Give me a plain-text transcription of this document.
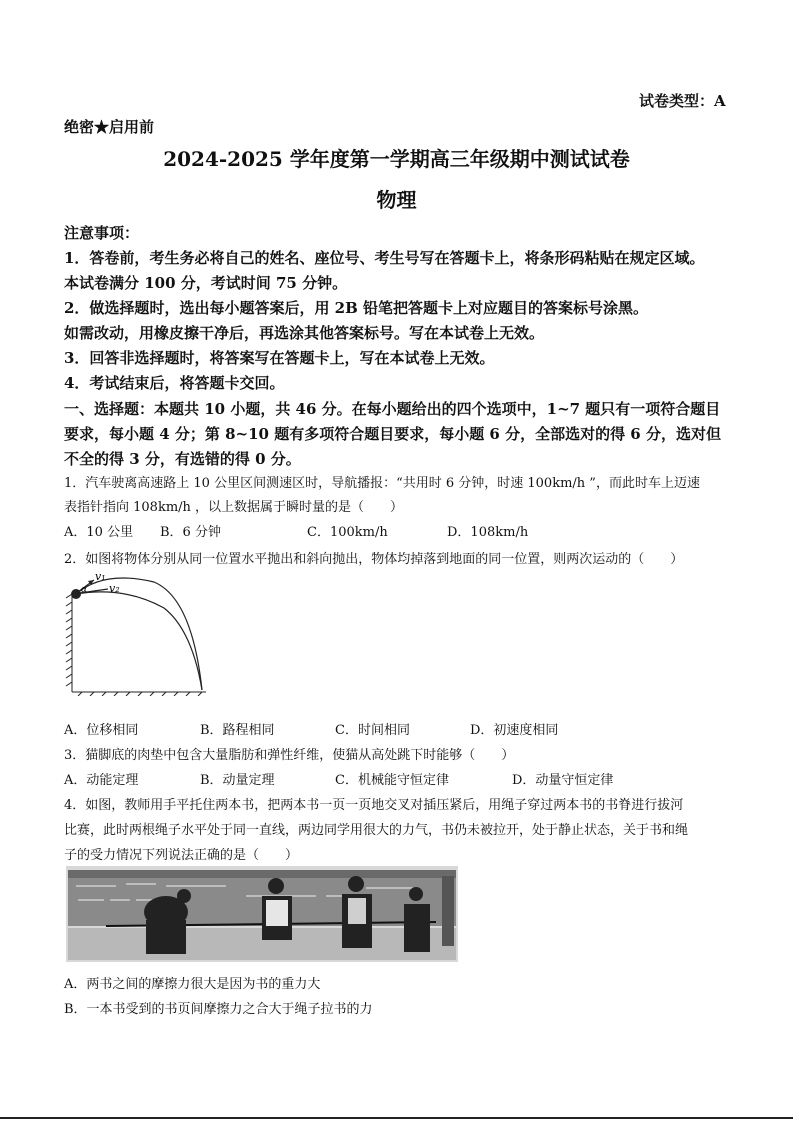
试卷类型：A
绝密★启用前
2024-2025 学年度第一学期高三年级期中测试试卷
物理
注意事项：
1．答卷前，考生务必将自己的姓名、座位号、考生号写在答题卡上，将条形码粘贴在规定区域。
本试卷满分 100 分，考试时间 75 分钟。
2．做选择题时，选出每小题答案后，用 2B 铅笔把答题卡上对应题目的答案标号涂黑。
如需改动，用橡皮擦干净后，再选涂其他答案标号。写在本试卷上无效。
3．回答非选择题时，将答案写在答题卡上，写在本试卷上无效。
4．考试结束后，将答题卡交回。
一、选择题：本题共 10 小题，共 46 分。在每小题给出的四个选项中，1~7 题只有一项符合题目
要求，每小题 4 分；第 8~10 题有多项符合题目要求，每小题 6 分，全部选对的得 6 分，选对但
不全的得 3 分，有选错的得 0 分。
1．汽车驶离高速路上 10 公里区间测速区时，导航播报：“共用时 6 分钟，时速 100km/h ”，而此时车上迈速
表指针指向 108km/h ，以上数据属于瞬时量的是（　　）
A．10 公里 B．6 分钟	C．100km/h	D．108km/h
2．如图将物体分别从同一位置水平抛出和斜向抛出，物体均掉落到地面的同一位置，则两次运动的（　　）
v₁
α v₂
A．位移相同	B．路程相同	C．时间相同	D．初速度相同
3．猫脚底的肉垫中包含大量脂肪和弹性纤维，使猫从高处跳下时能够（　　）
A．动能定理	B．动量定理	C．机械能守恒定律	D．动量守恒定律
4．如图，教师用手平托住两本书，把两本书一页一页地交叉对插压紧后，用绳子穿过两本书的书脊进行拔河
比赛，此时两根绳子水平处于同一直线，两边同学用很大的力气，书仍未被拉开，处于静止状态，关于书和绳
子的受力情况下列说法正确的是（　　）
A．两书之间的摩擦力很大是因为书的重力大
B．一本书受到的书页间摩擦力之合大于绳子拉书的力
